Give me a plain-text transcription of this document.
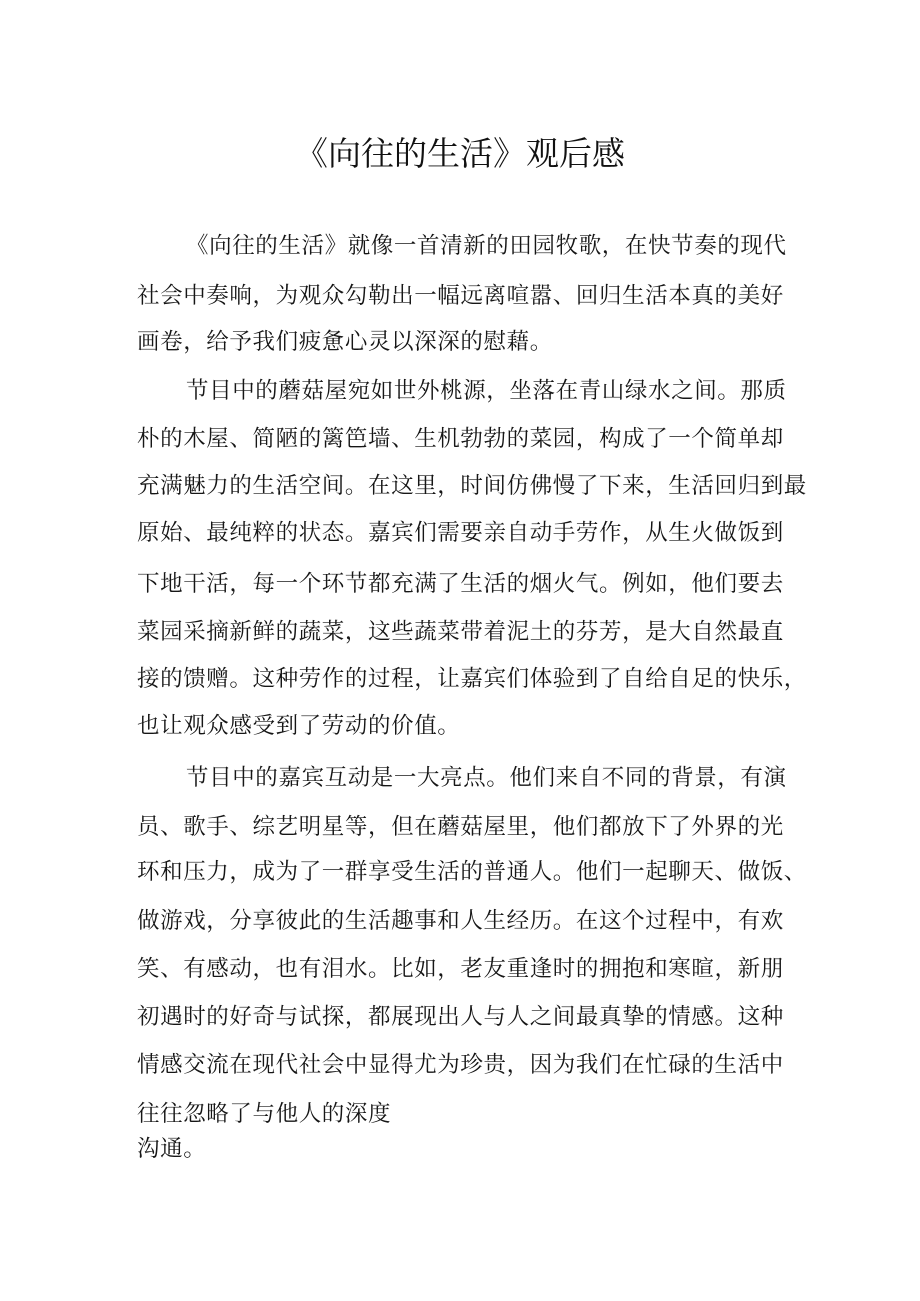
《向往的生活》观后感
《向往的生活》就像一首清新的田园牧歌，在快节奏的现代
社会中奏响，为观众勾勒出一幅远离喧嚣、回归生活本真的美好
画卷，给予我们疲惫心灵以深深的慰藉。
节目中的蘑菇屋宛如世外桃源，坐落在青山绿水之间。那质
朴的木屋、简陋的篱笆墙、生机勃勃的菜园，构成了一个简单却
充满魅力的生活空间。在这里，时间仿佛慢了下来，生活回归到最
原始、最纯粹的状态。嘉宾们需要亲自动手劳作，从生火做饭到
下地干活，每一个环节都充满了生活的烟火气。例如，他们要去
菜园采摘新鲜的蔬菜，这些蔬菜带着泥土的芬芳，是大自然最直
接的馈赠。这种劳作的过程，让嘉宾们体验到了自给自足的快乐，
也让观众感受到了劳动的价值。
节目中的嘉宾互动是一大亮点。他们来自不同的背景，有演
员、歌手、综艺明星等，但在蘑菇屋里，他们都放下了外界的光
环和压力，成为了一群享受生活的普通人。他们一起聊天、做饭、
做游戏，分享彼此的生活趣事和人生经历。在这个过程中，有欢
笑、有感动，也有泪水。比如，老友重逢时的拥抱和寒暄，新朋
初遇时的好奇与试探，都展现出人与人之间最真挚的情感。这种
情感交流在现代社会中显得尤为珍贵，因为我们在忙碌的生活中
往往忽略了与他人的深度
沟通。
